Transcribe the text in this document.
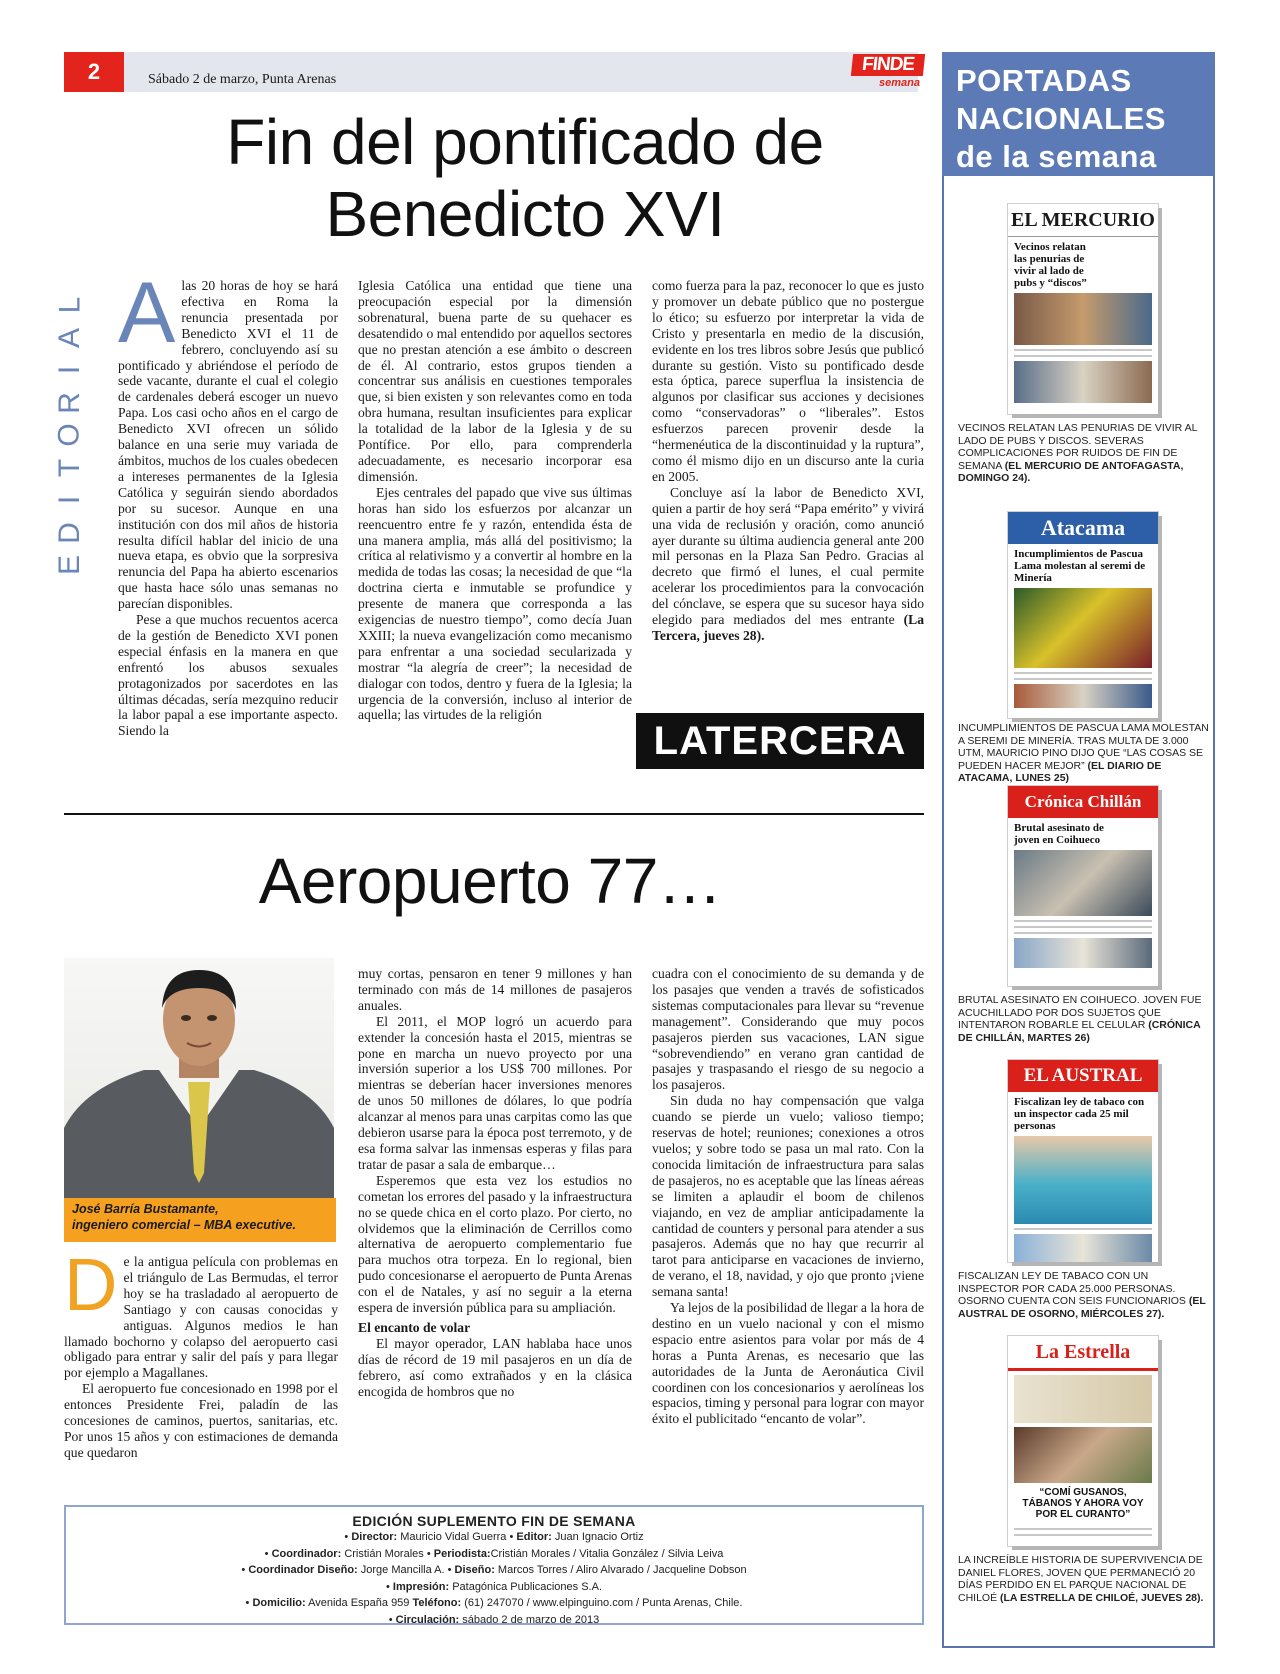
2	Sábado 2 de marzo, Punta Arenas
FINDE
semana
Fin del pontificado de
Benedicto XVI
L
A
I
R
O
T
I
D
E
A las 20 horas de hoy se hará efectiva en Roma la renuncia presentada por Benedicto XVI el 11 de febrero, concluyendo así su pontificado y abriéndose el período de sede vacante, durante el cual el colegio de cardenales deberá escoger un nuevo Papa. Los casi ocho años en el cargo de Benedicto XVI ofrecen un sólido balance en una serie muy variada de ámbitos, muchos de los cuales obedecen a intereses permanentes de la Iglesia Católica y seguirán siendo abordados por su sucesor. Aunque en una institución con dos mil años de historia resulta difícil hablar del inicio de una nueva etapa, es obvio que la sorpresiva renuncia del Papa ha abierto escenarios que hasta hace sólo unas semanas no parecían disponibles.

Pese a que muchos recuentos acerca de la gestión de Benedicto XVI ponen especial énfasis en la manera en que enfrentó los abusos sexuales protagonizados por sacerdotes en las últimas décadas, sería mezquino reducir la labor papal a ese importante aspecto. Siendo la

Iglesia Católica una entidad que tiene una preocupación especial por la dimensión sobrenatural, buena parte de su quehacer es desatendido o mal entendido por aquellos sectores que no prestan atención a ese ámbito o descreen de él. Al contrario, estos grupos tienden a concentrar sus análisis en cuestiones temporales que, si bien existen y son relevantes como en toda obra humana, resultan insuficientes para explicar la totalidad de la labor de la Iglesia y de su Pontífice. Por ello, para comprenderla adecuadamente, es necesario incorporar esa dimensión.

Ejes centrales del papado que vive sus últimas horas han sido los esfuerzos por alcanzar un reencuentro entre fe y razón, entendida ésta de una manera amplia, más allá del positivismo; la crítica al relativismo y a convertir al hombre en la medida de todas las cosas; la necesidad de que “la doctrina cierta e inmutable se profundice y presente de manera que corresponda a las exigencias de nuestro tiempo”, como decía Juan XXIII; la nueva evangelización como mecanismo para enfrentar a una sociedad secularizada y mostrar “la alegría de creer”; la necesidad de dialogar con todos, dentro y fuera de la Iglesia; la urgencia de la conversión, incluso al interior de aquella; las virtudes de la religión

como fuerza para la paz, reconocer lo que es justo y promover un debate público que no postergue lo ético; su esfuerzo por interpretar la vida de Cristo y presentarla en medio de la discusión, evidente en los tres libros sobre Jesús que publicó durante su gestión. Visto su pontificado desde esta óptica, parece superflua la insistencia de algunos por clasificar sus acciones y decisiones como “conservadoras” o “liberales”. Estos esfuerzos parecen provenir desde la “hermenéutica de la discontinuidad y la ruptura”, como él mismo dijo en un discurso ante la curia en 2005.

Concluye así la labor de Benedicto XVI, quien a partir de hoy será “Papa emérito” y vivirá una vida de reclusión y oración, como anunció ayer durante su última audiencia general ante 200 mil personas en la Plaza San Pedro. Gracias al decreto que firmó el lunes, el cual permite acelerar los procedimientos para la convocación del cónclave, se espera que su sucesor haya sido elegido para mediados del mes entrante (La Tercera, jueves 28).

LATERCERA
Aeropuerto 77…
José Barría Bustamante,
ingeniero comercial – MBA executive.
D e la antigua película con problemas en el triángulo de Las Bermudas, el terror hoy se ha trasladado al aeropuerto de Santiago y con causas conocidas y antiguas. Algunos medios le han llamado bochorno y colapso del aeropuerto casi obligado para entrar y salir del país y para llegar por ejemplo a Magallanes.

El aeropuerto fue concesionado en 1998 por el entonces Presidente Frei, paladín de las concesiones de caminos, puertos, sanitarias, etc. Por unos 15 años y con estimaciones de demanda que quedaron

muy cortas, pensaron en tener 9 millones y han terminado con más de 14 millones de pasajeros anuales.

El 2011, el MOP logró un acuerdo para extender la concesión hasta el 2015, mientras se pone en marcha un nuevo proyecto por una inversión superior a los US$ 700 millones. Por mientras se deberían hacer inversiones menores de unos 50 millones de dólares, lo que podría alcanzar al menos para unas carpitas como las que debieron usarse para la época post terremoto, y de esa forma salvar las inmensas esperas y filas para tratar de pasar a sala de embarque…

Esperemos que esta vez los estudios no cometan los errores del pasado y la infraestructura no se quede chica en el corto plazo. Por cierto, no olvidemos que la eliminación de Cerrillos como alternativa de aeropuerto complementario fue para muchos otra torpeza. En lo regional, bien pudo concesionarse el aeropuerto de Punta Arenas con el de Natales, y así no seguir a la eterna espera de inversión pública para su ampliación.

El encanto de volar

El mayor operador, LAN hablaba hace unos días de récord de 19 mil pasajeros en un día de febrero, así como extrañados y en la clásica encogida de hombros que no

cuadra con el conocimiento de su demanda y de los pasajes que venden a través de sofisticados sistemas computacionales para llevar su “revenue management”. Considerando que muy pocos pasajeros pierden sus vacaciones, LAN sigue “sobrevendiendo” en verano gran cantidad de pasajes y traspasando el riesgo de su negocio a los pasajeros.

Sin duda no hay compensación que valga cuando se pierde un vuelo; valioso tiempo; reservas de hotel; reuniones; conexiones a otros vuelos; y sobre todo se pasa un mal rato. Con la conocida limitación de infraestructura para salas de pasajeros, no es aceptable que las líneas aéreas se limiten a aplaudir el boom de chilenos viajando, en vez de ampliar anticipadamente la cantidad de counters y personal para atender a sus pasajeros. Además que no hay que recurrir al tarot para anticiparse en vacaciones de invierno, de verano, el 18, navidad, y ojo que pronto ¡viene semana santa!

Ya lejos de la posibilidad de llegar a la hora de destino en un vuelo nacional y con el mismo espacio entre asientos para volar por más de 4 horas a Punta Arenas, es necesario que las autoridades de la Junta de Aeronáutica Civil coordinen con los concesionarios y aerolíneas los espacios, timing y personal para lograr con mayor éxito el publicitado “encanto de volar”.

EDICIÓN SUPLEMENTO FIN DE SEMANA
• Director: Mauricio Vidal Guerra • Editor: Juan Ignacio Ortiz
• Coordinador: Cristián Morales • Periodista:Cristián Morales / Vitalia González / Silvia Leiva
• Coordinador Diseño: Jorge Mancilla A. • Diseño: Marcos Torres / Aliro Alvarado / Jacqueline Dobson
• Impresión: Patagónica Publicaciones S.A.
• Domicilio: Avenida España 959 Teléfono: (61) 247070 / www.elpinguino.com / Punta Arenas, Chile.
• Circulación: sábado 2 de marzo de 2013
PORTADAS
NACIONALES
de la semana
EL MERCURIO
Vecinos relatan las penurias de vivir al lado de pubs y “discos”
VECINOS RELATAN LAS PENURIAS DE VIVIR AL LADO DE PUBS Y DISCOS. SEVERAS COMPLICACIONES POR RUIDOS DE FIN DE SEMANA (EL MERCURIO DE ANTOFAGASTA, DOMINGO 24).
Atacama
Incumplimientos de Pascua Lama molestan al seremi de Minería
INCUMPLIMIENTOS DE PASCUA LAMA MOLESTAN A SEREMI DE MINERÍA. TRAS MULTA DE 3.000 UTM, MAURICIO PINO DIJO QUE “LAS COSAS SE PUEDEN HACER MEJOR” (EL DIARIO DE ATACAMA, LUNES 25)
Crónica Chillán
Brutal asesinato de joven en Coihueco
BRUTAL ASESINATO EN COIHUECO. JOVEN FUE ACUCHILLADO POR DOS SUJETOS QUE INTENTARON ROBARLE EL CELULAR (CRÓNICA DE CHILLÁN, MARTES 26)
EL AUSTRAL
Fiscalizan ley de tabaco con un inspector cada 25 mil personas
FISCALIZAN LEY DE TABACO CON UN INSPECTOR POR CADA 25.000 PERSONAS. OSORNO CUENTA CON SEIS FUNCIONARIOS (EL AUSTRAL DE OSORNO, MIÉRCOLES 27).
La Estrella
“COMÍ GUSANOS, TÁBANOS Y AHORA VOY POR EL CURANTO”
LA INCREÍBLE HISTORIA DE SUPERVIVENCIA DE DANIEL FLORES, JOVEN QUE PERMANECIÓ 20 DÍAS PERDIDO EN EL PARQUE NACIONAL DE CHILOÉ (LA ESTRELLA DE CHILOÉ, JUEVES 28).
